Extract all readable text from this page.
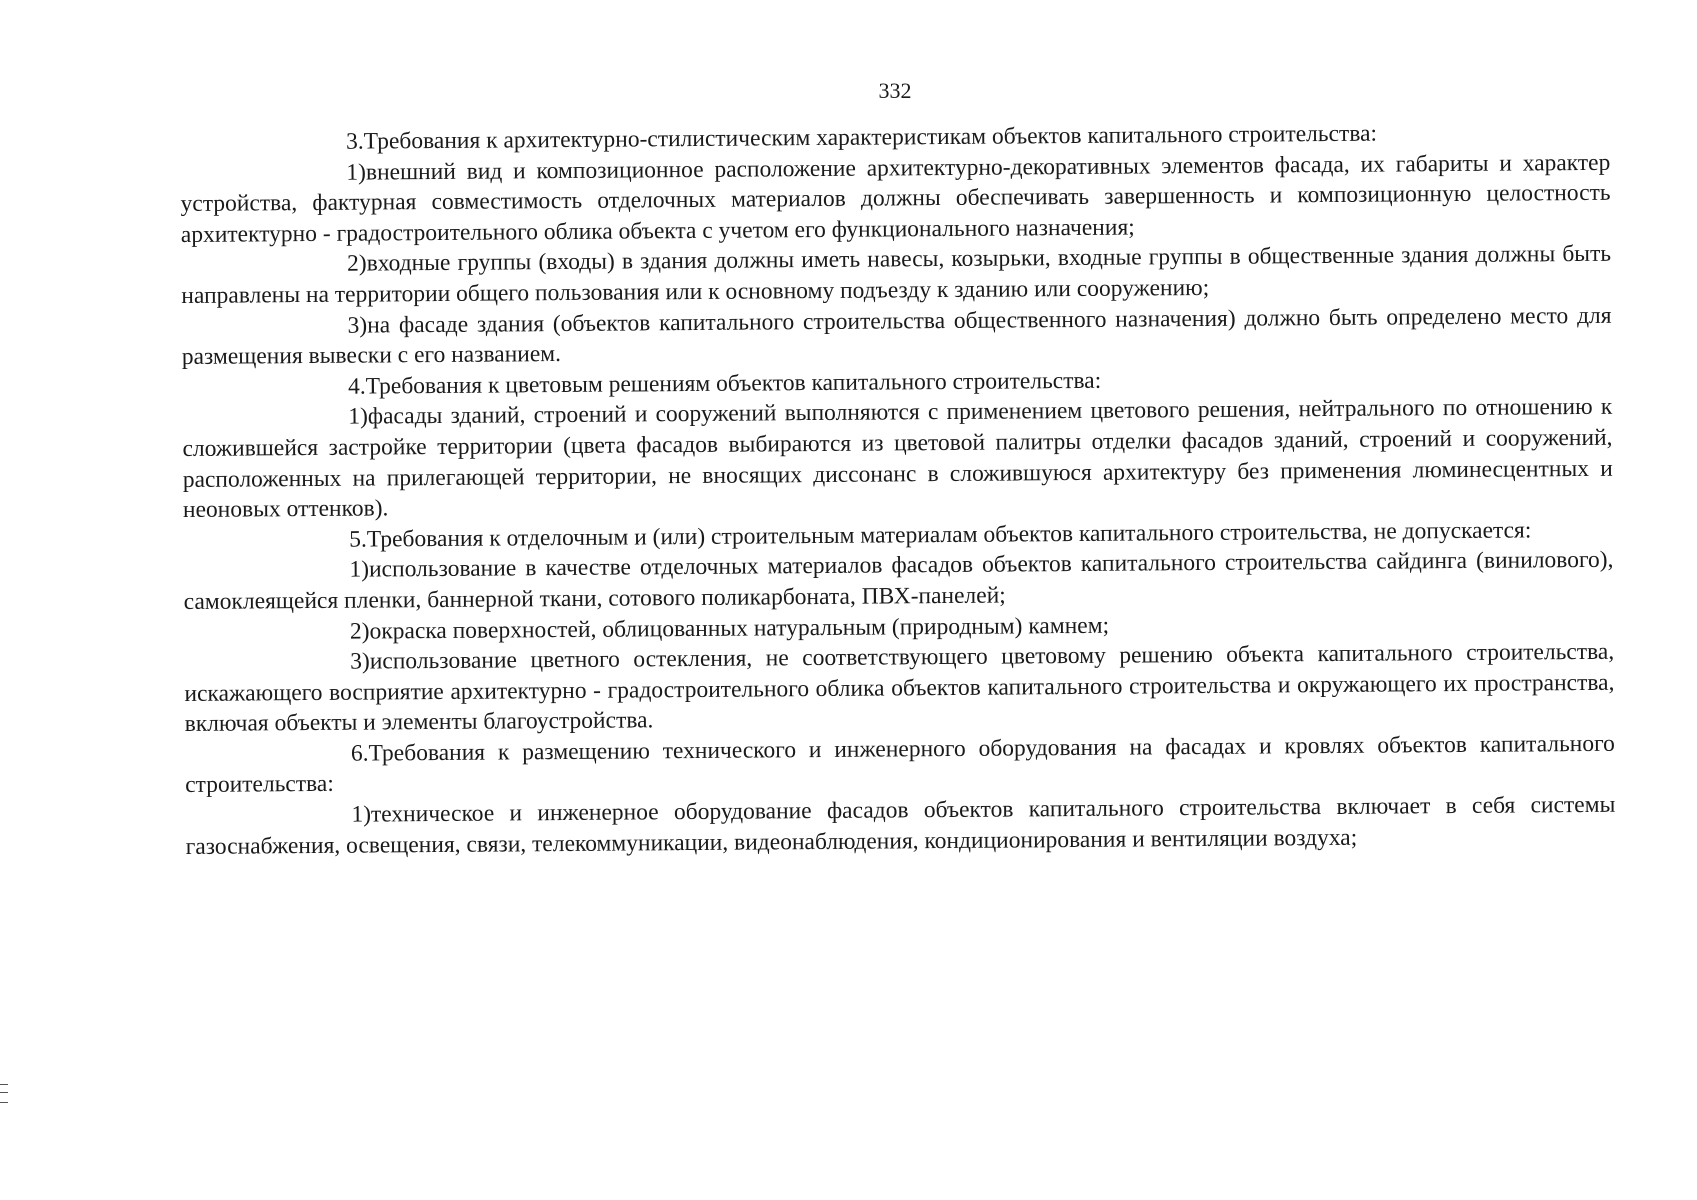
332

3.Требования к архитектурно-стилистическим характеристикам объектов капитального строительства:

1)внешний вид и композиционное расположение архитектурно-декоративных элементов фасада, их габариты и характер устройства, фактурная совместимость отделочных материалов должны обеспечивать завершенность и композиционную целостность архитектурно - градостроительного облика объекта с учетом его функционального назначения;

2)входные группы (входы) в здания должны иметь навесы, козырьки, входные группы в общественные здания должны быть направлены на территории общего пользования или к основному подъезду к зданию или сооружению;

3)на фасаде здания (объектов капитального строительства общественного назначения) должно быть определено место для размещения вывески с его названием.

4.Требования к цветовым решениям объектов капитального строительства:

1)фасады зданий, строений и сооружений выполняются с применением цветового решения, нейтрального по отношению к сложившейся застройке территории (цвета фасадов выбираются из цветовой палитры отделки фасадов зданий, строений и сооружений, расположенных на прилегающей территории, не вносящих диссонанс в сложившуюся архитектуру без применения люминесцентных и неоновых оттенков).

5.Требования к отделочным и (или) строительным материалам объектов капитального строительства, не допускается:

1)использование в качестве отделочных материалов фасадов объектов капитального строительства сайдинга (винилового), самоклеящейся пленки, баннерной ткани, сотового поликарбоната, ПВХ-панелей;

2)окраска поверхностей, облицованных натуральным (природным) камнем;

3)использование цветного остекления, не соответствующего цветовому решению объекта капитального строительства, искажающего восприятие архитектурно - градостроительного облика объектов капитального строительства и окружающего их пространства, включая объекты и элементы благоустройства.

6.Требования к размещению технического и инженерного оборудования на фасадах и кровлях объектов капитального строительства:

1)техническое и инженерное оборудование фасадов объектов капитального строительства включает в себя системы газоснабжения, освещения, связи, телекоммуникации, видеонаблюдения, кондиционирования и вентиляции воздуха;
